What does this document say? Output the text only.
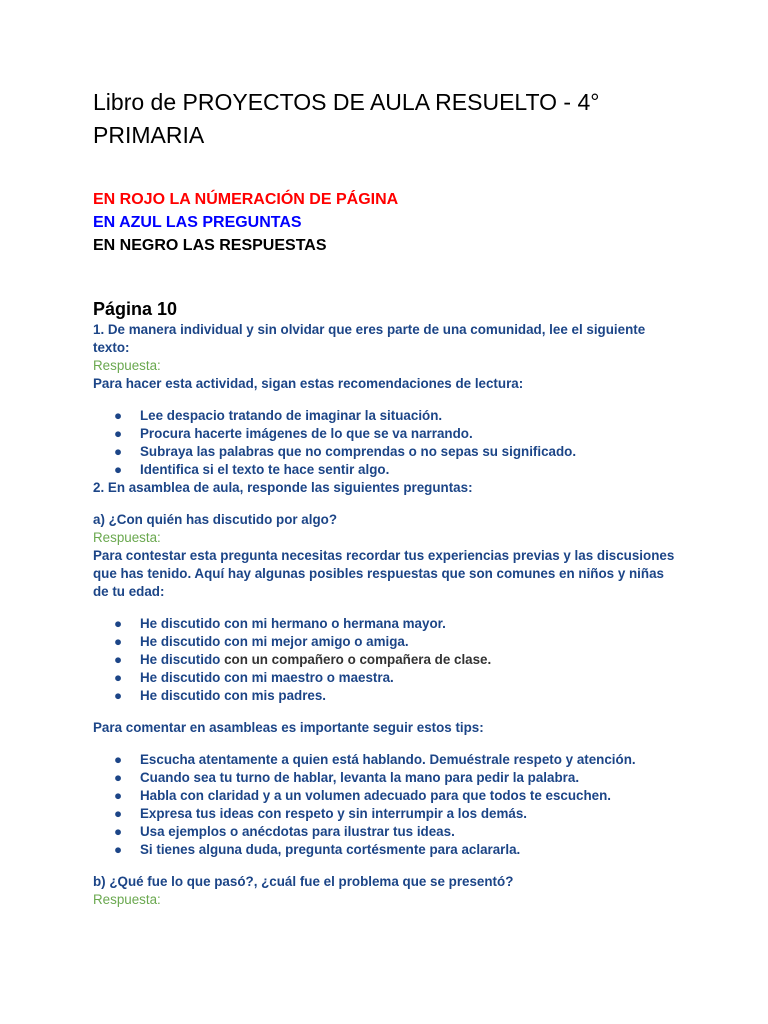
Libro de PROYECTOS DE AULA RESUELTO - 4° PRIMARIA
EN ROJO LA NÚMERACIÓN DE PÁGINA
EN AZUL LAS PREGUNTAS
EN NEGRO LAS RESPUESTAS
Página 10
1. De manera individual y sin olvidar que eres parte de una comunidad, lee el siguiente texto:
Respuesta:
Para hacer esta actividad, sigan estas recomendaciones de lectura:
● Lee despacio tratando de imaginar la situación.
● Procura hacerte imágenes de lo que se va narrando.
● Subraya las palabras que no comprendas o no sepas su significado.
● Identifica si el texto te hace sentir algo.
2. En asamblea de aula, responde las siguientes preguntas:
a) ¿Con quién has discutido por algo?
Respuesta:
Para contestar esta pregunta necesitas recordar tus experiencias previas y las discusiones que has tenido. Aquí hay algunas posibles respuestas que son comunes en niños y niñas de tu edad:
● He discutido con mi hermano o hermana mayor.
● He discutido con mi mejor amigo o amiga.
● He discutido con un compañero o compañera de clase.
● He discutido con mi maestro o maestra.
● He discutido con mis padres.
Para comentar en asambleas es importante seguir estos tips:
● Escucha atentamente a quien está hablando. Demuéstrale respeto y atención.
● Cuando sea tu turno de hablar, levanta la mano para pedir la palabra.
● Habla con claridad y a un volumen adecuado para que todos te escuchen.
● Expresa tus ideas con respeto y sin interrumpir a los demás.
● Usa ejemplos o anécdotas para ilustrar tus ideas.
● Si tienes alguna duda, pregunta cortésmente para aclararla.
b) ¿Qué fue lo que pasó?, ¿cuál fue el problema que se presentó?
Respuesta:
